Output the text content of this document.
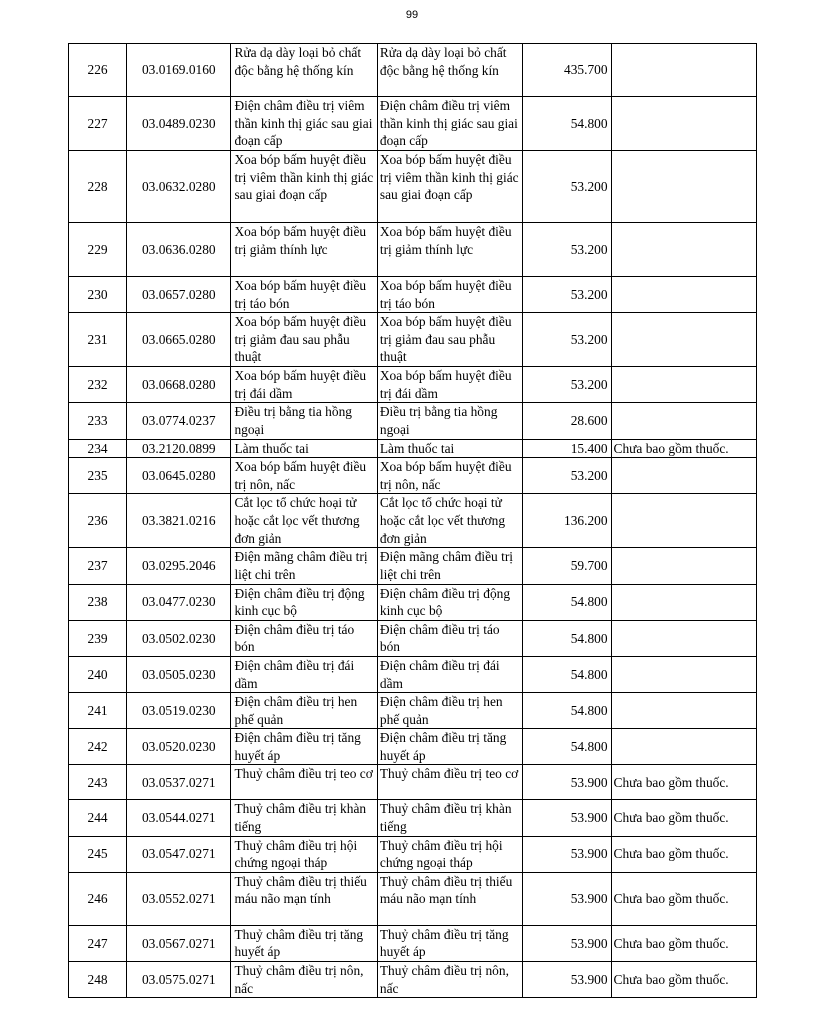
99
226	03.0169.0160	Rửa dạ dày loại bỏ chất độc bằng hệ thống kín	Rửa dạ dày loại bỏ chất độc bằng hệ thống kín	435.700	
227	03.0489.0230	Điện châm điều trị viêm thần kinh thị giác sau giai đoạn cấp	Điện châm điều trị viêm thần kinh thị giác sau giai đoạn cấp	54.800	
228	03.0632.0280	Xoa bóp bấm huyệt điều trị viêm thần kinh thị giác sau giai đoạn cấp	Xoa bóp bấm huyệt điều trị viêm thần kinh thị giác sau giai đoạn cấp	53.200	
229	03.0636.0280	Xoa bóp bấm huyệt điều trị giảm thính lực	Xoa bóp bấm huyệt điều trị giảm thính lực	53.200	
230	03.0657.0280	Xoa bóp bấm huyệt điều trị táo bón	Xoa bóp bấm huyệt điều trị táo bón	53.200	
231	03.0665.0280	Xoa bóp bấm huyệt điều trị giảm đau sau phẫu thuật	Xoa bóp bấm huyệt điều trị giảm đau sau phẫu thuật	53.200	
232	03.0668.0280	Xoa bóp bấm huyệt điều trị đái dầm	Xoa bóp bấm huyệt điều trị đái dầm	53.200	
233	03.0774.0237	Điều trị bằng tia hồng ngoại	Điều trị bằng tia hồng ngoại	28.600	
234	03.2120.0899	Làm thuốc tai	Làm thuốc tai	15.400	Chưa bao gồm thuốc.
235	03.0645.0280	Xoa bóp bấm huyệt điều trị nôn, nấc	Xoa bóp bấm huyệt điều trị nôn, nấc	53.200	
236	03.3821.0216	Cắt lọc tổ chức hoại tử hoặc cắt lọc vết thương đơn giản	Cắt lọc tổ chức hoại tử hoặc cắt lọc vết thương đơn giản	136.200	
237	03.0295.2046	Điện mãng châm điều trị liệt chi trên	Điện mãng châm điều trị liệt chi trên	59.700	
238	03.0477.0230	Điện châm điều trị động kinh cục bộ	Điện châm điều trị động kinh cục bộ	54.800	
239	03.0502.0230	Điện châm điều trị táo bón	Điện châm điều trị táo bón	54.800	
240	03.0505.0230	Điện châm điều trị đái dầm	Điện châm điều trị đái dầm	54.800	
241	03.0519.0230	Điện châm điều trị hen phế quản	Điện châm điều trị hen phế quản	54.800	
242	03.0520.0230	Điện châm điều trị tăng huyết áp	Điện châm điều trị tăng huyết áp	54.800	
243	03.0537.0271	Thuỷ châm điều trị teo cơ	Thuỷ châm điều trị teo cơ	53.900	Chưa bao gồm thuốc.
244	03.0544.0271	Thuỷ châm điều trị khàn tiếng	Thuỷ châm điều trị khàn tiếng	53.900	Chưa bao gồm thuốc.
245	03.0547.0271	Thuỷ châm điều trị hội chứng ngoại tháp	Thuỷ châm điều trị hội chứng ngoại tháp	53.900	Chưa bao gồm thuốc.
246	03.0552.0271	Thuỷ châm điều trị thiếu máu não mạn tính	Thuỷ châm điều trị thiếu máu não mạn tính	53.900	Chưa bao gồm thuốc.
247	03.0567.0271	Thuỷ châm điều trị tăng huyết áp	Thuỷ châm điều trị tăng huyết áp	53.900	Chưa bao gồm thuốc.
248	03.0575.0271	Thuỷ châm điều trị nôn, nấc	Thuỷ châm điều trị nôn, nấc	53.900	Chưa bao gồm thuốc.
